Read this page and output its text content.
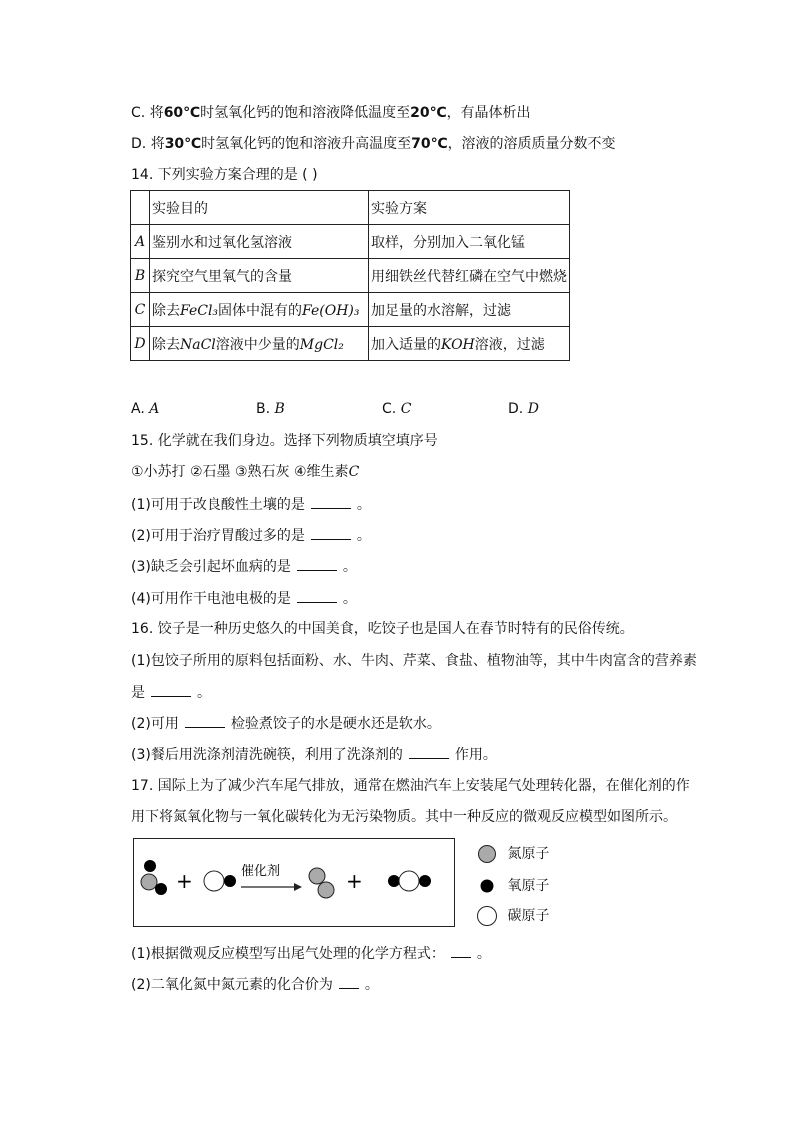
C. 将60℃时氢氧化钙的饱和溶液降低温度至20℃，有晶体析出
D. 将30℃时氢氧化钙的饱和溶液升高温度至70℃，溶液的溶质质量分数不变
14. 下列实验方案合理的是 ( )
	实验目的	实验方案
A	鉴别水和过氧化氢溶液	取样，分别加入二氧化锰
B	探究空气里氧气的含量	用细铁丝代替红磷在空气中燃烧
C	除去FeCl₃固体中混有的Fe(OH)₃	加足量的水溶解，过滤
D	除去NaCl溶液中少量的MgCl₂	加入适量的KOH溶液，过滤
A. A	B. B	C. C	D. D
15. 化学就在我们身边。选择下列物质填空填序号
①小苏打 ②石墨 ③熟石灰 ④维生素C
(1)可用于改良酸性土壤的是	。
(2)可用于治疗胃酸过多的是	。
(3)缺乏会引起坏血病的是	。
(4)可用作干电池电极的是	。
16. 饺子是一种历史悠久的中国美食，吃饺子也是国人在春节时特有的民俗传统。
(1)包饺子所用的原料包括面粉、水、牛肉、芹菜、食盐、植物油等，其中牛肉富含的营养素
是	。
(2)可用	检验煮饺子的水是硬水还是软水。
(3)餐后用洗涤剂清洗碗筷，利用了洗涤剂的	作用。
17. 国际上为了减少汽车尾气排放，通常在燃油汽车上安装尾气处理转化器，在催化剂的作
用下将氮氧化物与一氧化碳转化为无污染物质。其中一种反应的微观反应模型如图所示。
+	催化剂	+
氮原子
氧原子
碳原子
(1)根据微观反应模型写出尾气处理的化学方程式： 。
(2)二氧化氮中氮元素的化合价为 。
